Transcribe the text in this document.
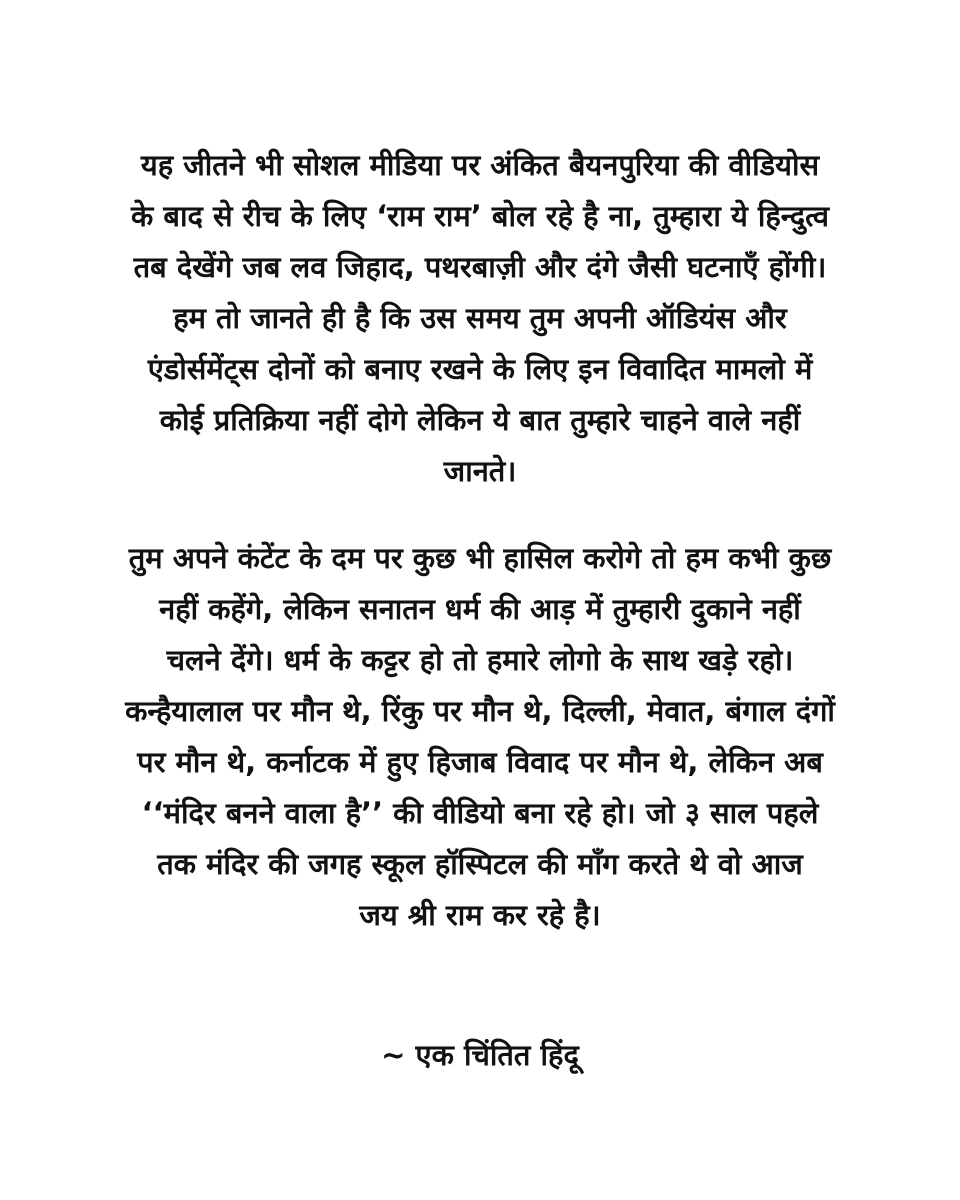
यह जीतने भी सोशल मीडिया पर अंकित बैयनपुरिया की वीडियोस
के बाद से रीच के लिए ‘राम राम’ बोल रहे है ना, तुम्हारा ये हिन्दुत्व
तब देखेंगे जब लव जिहाद, पथरबाज़ी और दंगे जैसी घटनाएँ होंगी।
हम तो जानते ही है कि उस समय तुम अपनी ऑडियंस और
एंडोर्समेंट्स दोनों को बनाए रखने के लिए इन विवादित मामलो में
कोई प्रतिक्रिया नहीं दोगे लेकिन ये बात तुम्हारे चाहने वाले नहीं
जानते।
तुम अपने कंटेंट के दम पर कुछ भी हासिल करोगे तो हम कभी कुछ
नहीं कहेंगे, लेकिन सनातन धर्म की आड़ में तुम्हारी दुकाने नहीं
चलने देंगे। धर्म के कट्टर हो तो हमारे लोगो के साथ खड़े रहो।
कन्हैयालाल पर मौन थे, रिंकु पर मौन थे, दिल्ली, मेवात, बंगाल दंगों
पर मौन थे, कर्नाटक में हुए हिजाब विवाद पर मौन थे, लेकिन अब
‘‘मंदिर बनने वाला है’’ की वीडियो बना रहे हो। जो ३ साल पहले
तक मंदिर की जगह स्कूल हॉस्पिटल की माँग करते थे वो आज
जय श्री राम कर रहे है।
~ एक चिंतित हिंदू
